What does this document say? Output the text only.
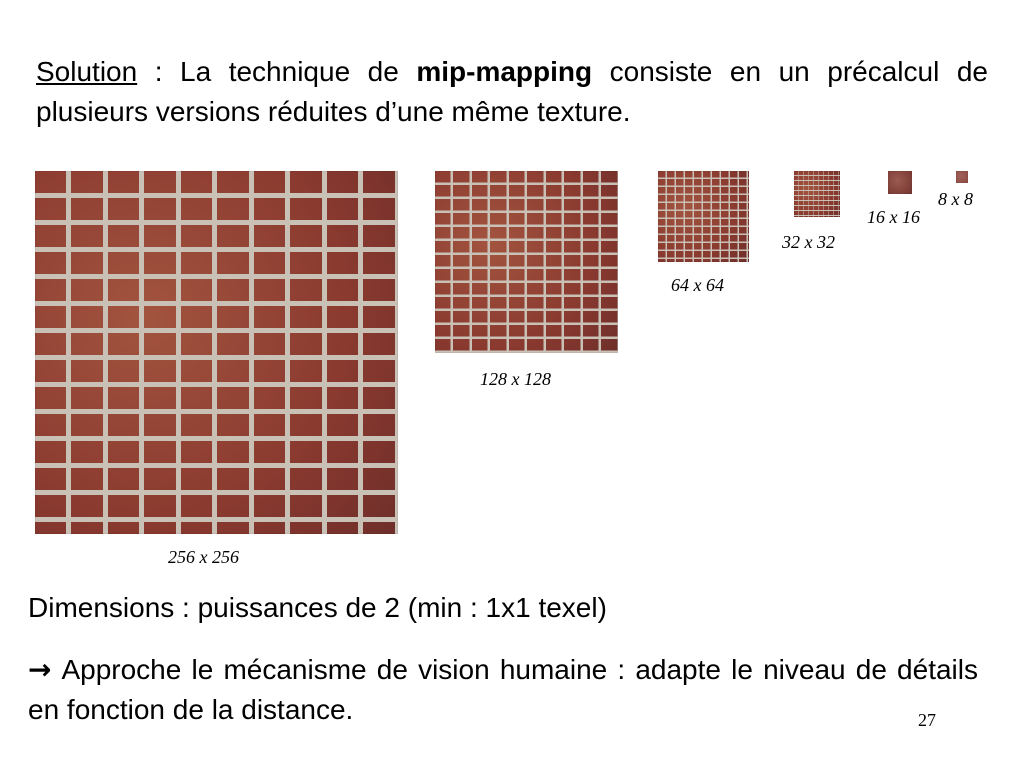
Solution : La technique de mip-mapping consiste en un précalcul de plusieurs versions réduites d’une même texture.

256 x 256
128 x 128
64 x 64
32 x 32
16 x 16
8 x 8
Dimensions : puissances de 2 (min : 1x1 texel)
→ Approche le mécanisme de vision humaine : adapte le niveau de détails en fonction de la distance.	27
